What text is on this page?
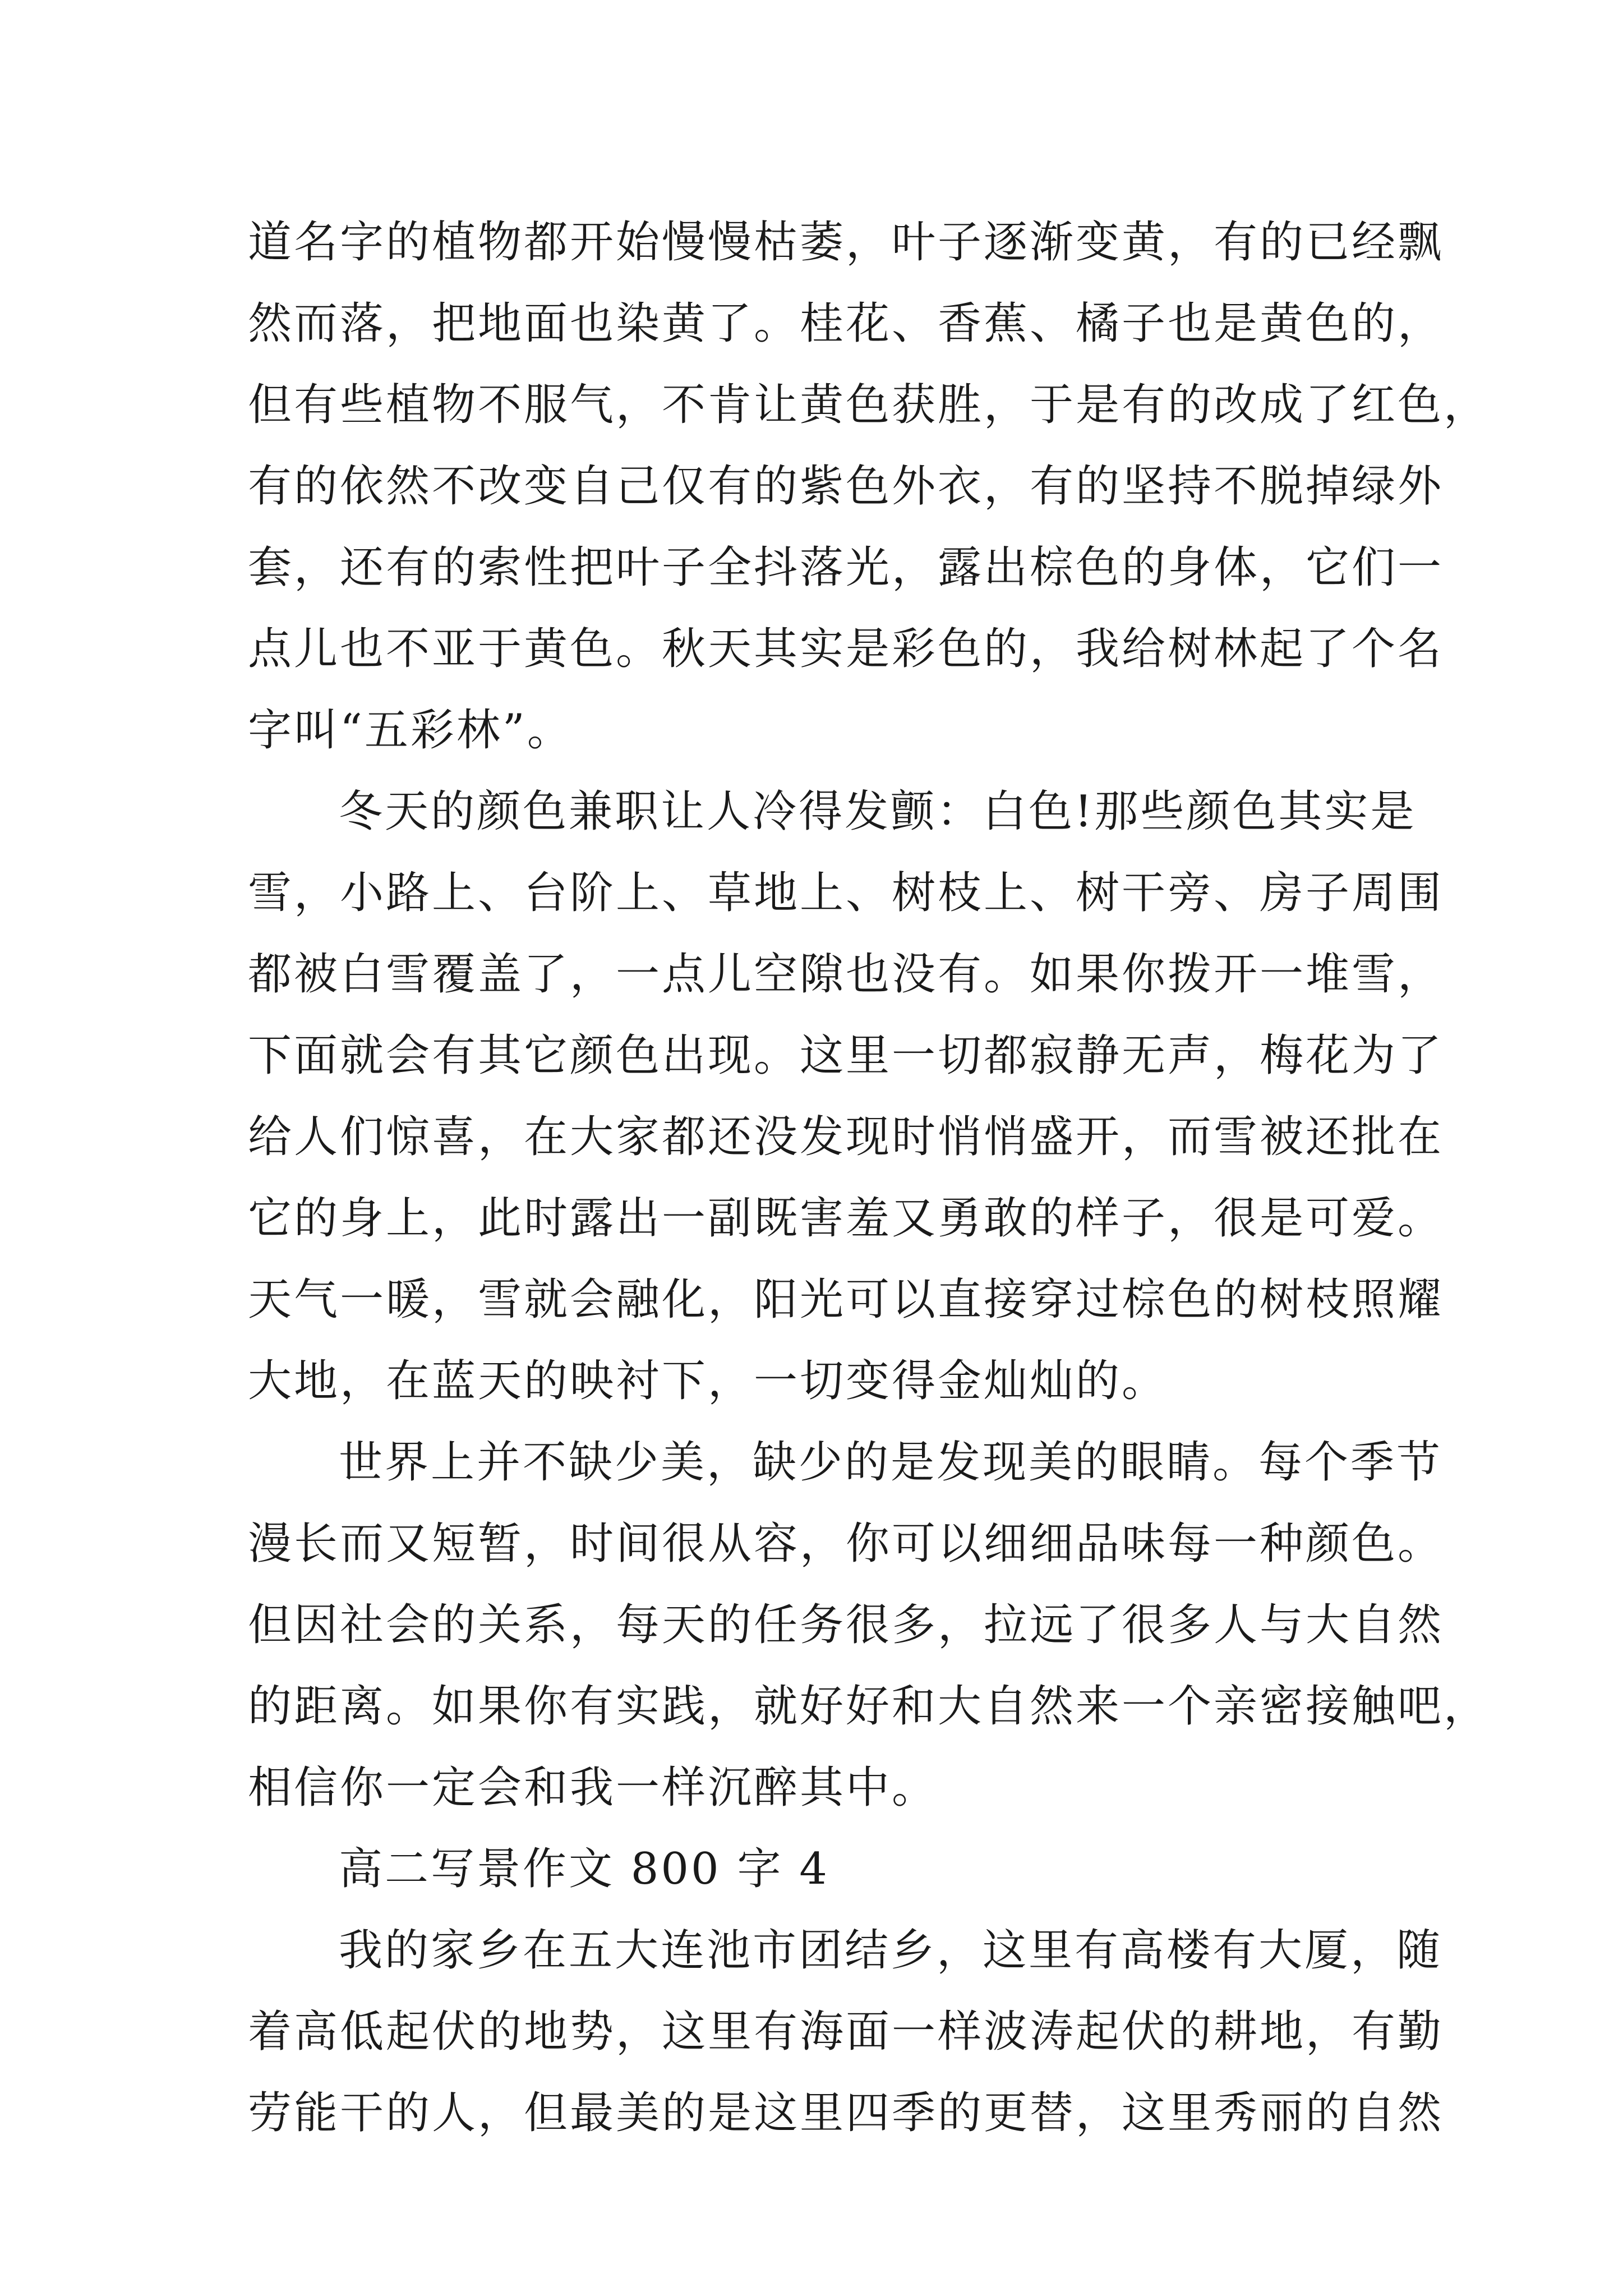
道名字的植物都开始慢慢枯萎，叶子逐渐变黄，有的已经飘
然而落，把地面也染黄了。桂花、香蕉、橘子也是黄色的，
但有些植物不服气，不肯让黄色获胜，于是有的改成了红色，
有的依然不改变自己仅有的紫色外衣，有的坚持不脱掉绿外
套，还有的索性把叶子全抖落光，露出棕色的身体，它们一
点儿也不亚于黄色。秋天其实是彩色的，我给树林起了个名
字叫“五彩林”。
冬天的颜色兼职让人冷得发颤：白色!那些颜色其实是
雪，小路上、台阶上、草地上、树枝上、树干旁、房子周围
都被白雪覆盖了，一点儿空隙也没有。如果你拨开一堆雪，
下面就会有其它颜色出现。这里一切都寂静无声，梅花为了
给人们惊喜，在大家都还没发现时悄悄盛开，而雪被还批在
它的身上，此时露出一副既害羞又勇敢的样子，很是可爱。
天气一暖，雪就会融化，阳光可以直接穿过棕色的树枝照耀
大地，在蓝天的映衬下，一切变得金灿灿的。
世界上并不缺少美，缺少的是发现美的眼睛。每个季节
漫长而又短暂，时间很从容，你可以细细品味每一种颜色。
但因社会的关系，每天的任务很多，拉远了很多人与大自然
的距离。如果你有实践，就好好和大自然来一个亲密接触吧，
相信你一定会和我一样沉醉其中。
高二写景作文 800 字 4
我的家乡在五大连池市团结乡，这里有高楼有大厦，随
着高低起伏的地势，这里有海面一样波涛起伏的耕地，有勤
劳能干的人，但最美的是这里四季的更替，这里秀丽的自然
